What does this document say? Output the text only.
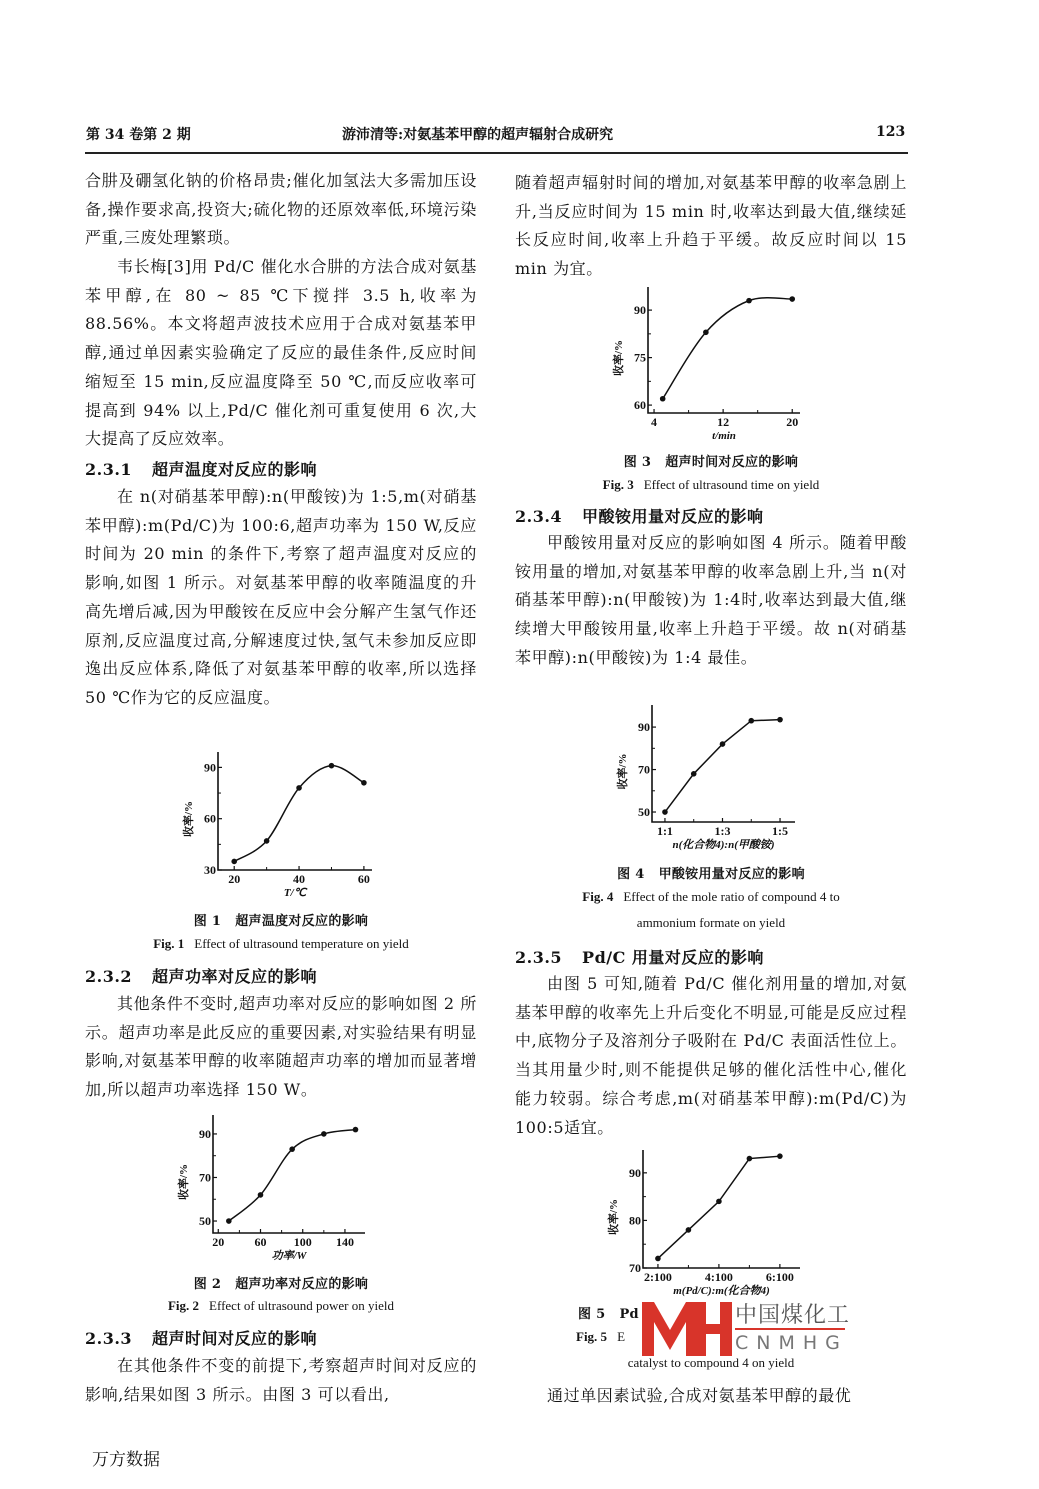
第 34 卷第 2 期	游沛清等:对氨基苯甲醇的超声辐射合成研究	123
合肼及硼氢化钠的价格昂贵;催化加氢法大多需加压设备,操作要求高,投资大;硫化物的还原效率低,环境污染严重,三废处理繁琐。
韦长梅[3]用 Pd/C 催化水合肼的方法合成对氨基苯甲醇,在 80 ~ 85 ℃下搅拌 3.5 h,收率为 88.56%。本文将超声波技术应用于合成对氨基苯甲醇,通过单因素实验确定了反应的最佳条件,反应时间缩短至 15 min,反应温度降至 50 ℃,而反应收率可提高到 94% 以上,Pd/C 催化剂可重复使用 6 次,大大提高了反应效率。
2.3.1 超声温度对反应的影响
在 n(对硝基苯甲醇):n(甲酸铵)为 1:5,m(对硝基苯甲醇):m(Pd/C)为 100:6,超声功率为 150 W,反应时间为 20 min 的条件下,考察了超声温度对反应的影响,如图 1 所示。对氨基苯甲醇的收率随温度的升高先增后减,因为甲酸铵在反应中会分解产生氢气作还原剂,反应温度过高,分解速度过快,氢气未参加反应即逸出反应体系,降低了对氨基苯甲醇的收率,所以选择 50 ℃作为它的反应温度。
图 1 超声温度对反应的影响
Fig. 1 Effect of ultrasound temperature on yield
2.3.2 超声功率对反应的影响
其他条件不变时,超声功率对反应的影响如图 2 所示。超声功率是此反应的重要因素,对实验结果有明显影响,对氨基苯甲醇的收率随超声功率的增加而显著增加,所以超声功率选择 150 W。
图 2 超声功率对反应的影响
Fig. 2 Effect of ultrasound power on yield
2.3.3 超声时间对反应的影响
在其他条件不变的前提下,考察超声时间对反应的影响,结果如图 3 所示。由图 3 可以看出,
随着超声辐射时间的增加,对氨基苯甲醇的收率急剧上升,当反应时间为 15 min 时,收率达到最大值,继续延长反应时间,收率上升趋于平缓。故反应时间以 15 min 为宜。
图 3 超声时间对反应的影响
Fig. 3 Effect of ultrasound time on yield
2.3.4 甲酸铵用量对反应的影响
甲酸铵用量对反应的影响如图 4 所示。随着甲酸铵用量的增加,对氨基苯甲醇的收率急剧上升,当 n(对硝基苯甲醇):n(甲酸铵)为 1:4时,收率达到最大值,继续增大甲酸铵用量,收率上升趋于平缓。故 n(对硝基苯甲醇):n(甲酸铵)为 1:4 最佳。
图 4 甲酸铵用量对反应的影响
Fig. 4 Effect of the mole ratio of compound 4 to
ammonium formate on yield
2.3.5 Pd/C 用量对反应的影响
由图 5 可知,随着 Pd/C 催化剂用量的增加,对氨基苯甲醇的收率先上升后变化不明显,可能是反应过程中,底物分子及溶剂分子吸附在 Pd/C 表面活性位上。当其用量少时,则不能提供足够的催化活性中心,催化能力较弱。综合考虑,m(对硝基苯甲醇):m(Pd/C)为 100:5适宜。
图 5 Pd
Fig. 5 E
catalyst to compound 4 on yield
通过单因素试验,合成对氨基苯甲醇的最优
中国煤化工
CNMHG
万方数据
20	40	60
30
60
90
T/℃
收率/%
20	60 100 140
50
70
90
功率/W
收率/%
4	12	20
60
75
90
t/min
收率/%
1:1	1:3	1:5
50
70
90
n(化合物4):n(甲酸铵)
收率/%
2:100	4:100	6:100
70
80
90
m(Pd/C):m(化合物4)
收率/%
